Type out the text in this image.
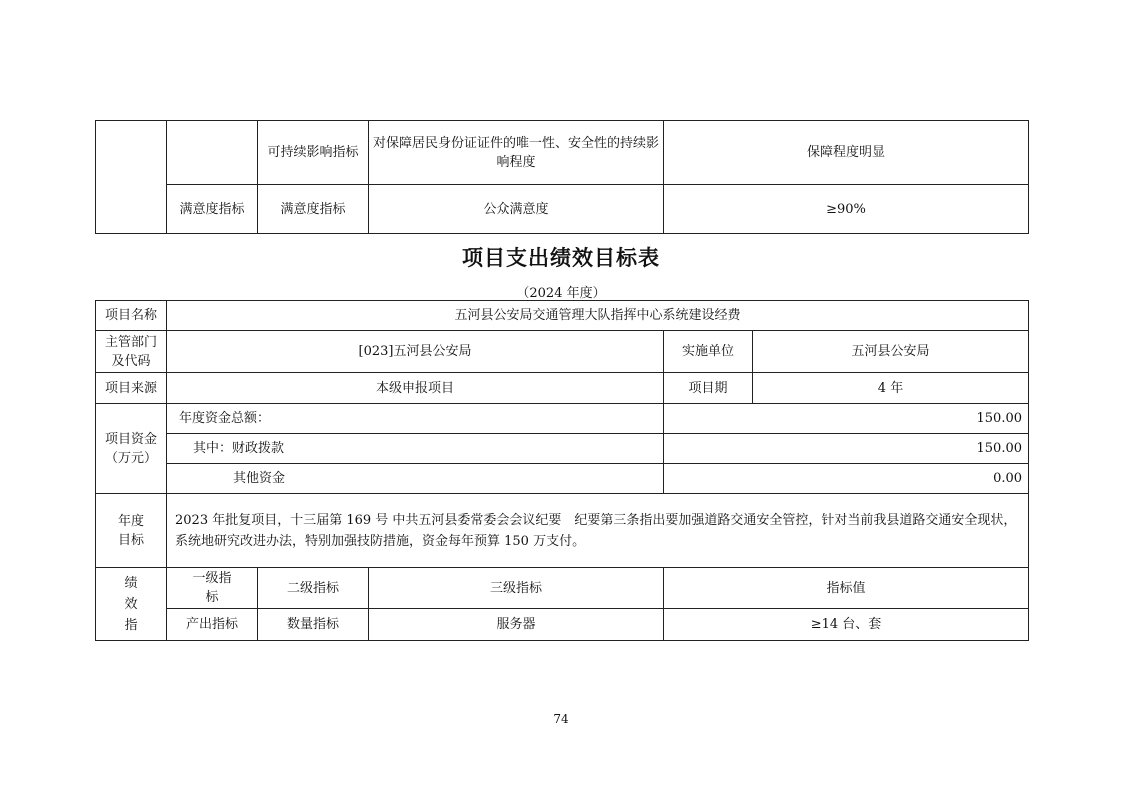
		可持续影响指标	对保障居民身份证证件的唯一性、安全性的持续影响程度	保障程度明显
	满意度指标	满意度指标	公众满意度	≥90%
项目支出绩效目标表
（2024 年度）
项目名称	五河县公安局交通管理大队指挥中心系统建设经费				
主管部门及代码	[023]五河县公安局			实施单位	五河县公安局
项目来源	本级申报项目			项目期	4 年
项目资金（万元）	年度资金总额：			150.00	
	其中：财政拨款			150.00	
	其他资金			0.00	
年度目标	2023 年批复项目，十三届第 169 号 中共五河县委常委会会议纪要　纪要第三条指出要加强道路交通安全管控，针对当前我县道路交通安全现状，系统地研究改进办法，特别加强技防措施，资金每年预算 150 万支付。				
绩效指	一级指标	二级指标	三级指标	指标值	
	产出指标	数量指标	服务器	≥14 台、套	
74
